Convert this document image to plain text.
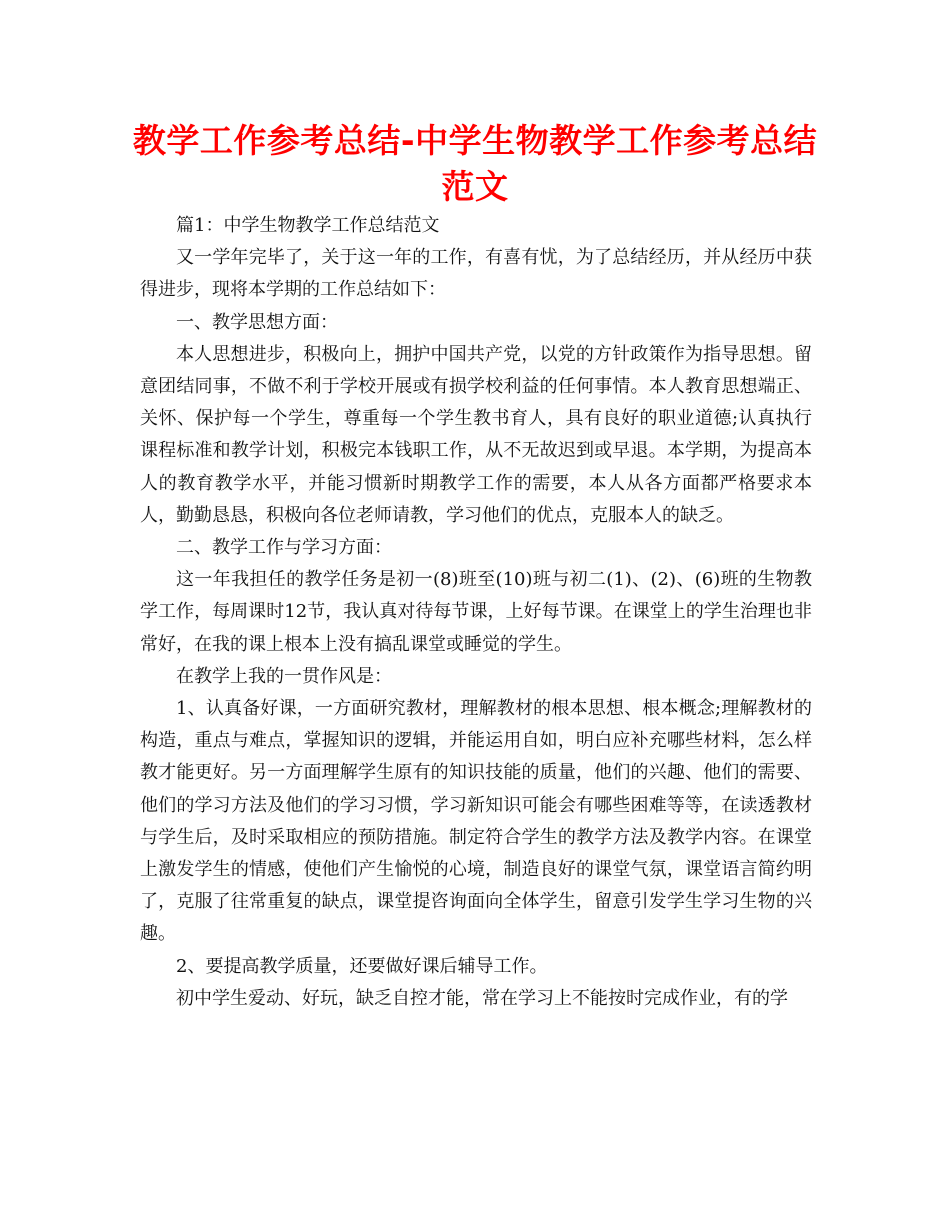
教学工作参考总结-中学生物教学工作参考总结范文

篇1：中学生物教学工作总结范文

又一学年完毕了，关于这一年的工作，有喜有忧，为了总结经历，并从经历中获得进步，现将本学期的工作总结如下：

一、教学思想方面：

本人思想进步，积极向上，拥护中国共产党，以党的方针政策作为指导思想。留意团结同事，不做不利于学校开展或有损学校利益的任何事情。本人教育思想端正、关怀、保护每一个学生，尊重每一个学生教书育人，具有良好的职业道德;认真执行课程标准和教学计划，积极完本钱职工作，从不无故迟到或早退。本学期，为提高本人的教育教学水平，并能习惯新时期教学工作的需要，本人从各方面都严格要求本人，勤勤恳恳，积极向各位老师请教，学习他们的优点，克服本人的缺乏。

二、教学工作与学习方面：

这一年我担任的教学任务是初一(8)班至(10)班与初二(1)、(2)、(6)班的生物教学工作，每周课时12节，我认真对待每节课，上好每节课。在课堂上的学生治理也非常好，在我的课上根本上没有搞乱课堂或睡觉的学生。

在教学上我的一贯作风是：

1、认真备好课，一方面研究教材，理解教材的根本思想、根本概念;理解教材的构造，重点与难点，掌握知识的逻辑，并能运用自如，明白应补充哪些材料，怎么样教才能更好。另一方面理解学生原有的知识技能的质量，他们的兴趣、他们的需要、他们的学习方法及他们的学习习惯，学习新知识可能会有哪些困难等等，在读透教材与学生后，及时采取相应的预防措施。制定符合学生的教学方法及教学内容。在课堂上激发学生的情感，使他们产生愉悦的心境，制造良好的课堂气氛，课堂语言简约明了，克服了往常重复的缺点，课堂提咨询面向全体学生，留意引发学生学习生物的兴趣。

2、要提高教学质量，还要做好课后辅导工作。

初中学生爱动、好玩，缺乏自控才能，常在学习上不能按时完成作业，有的学
